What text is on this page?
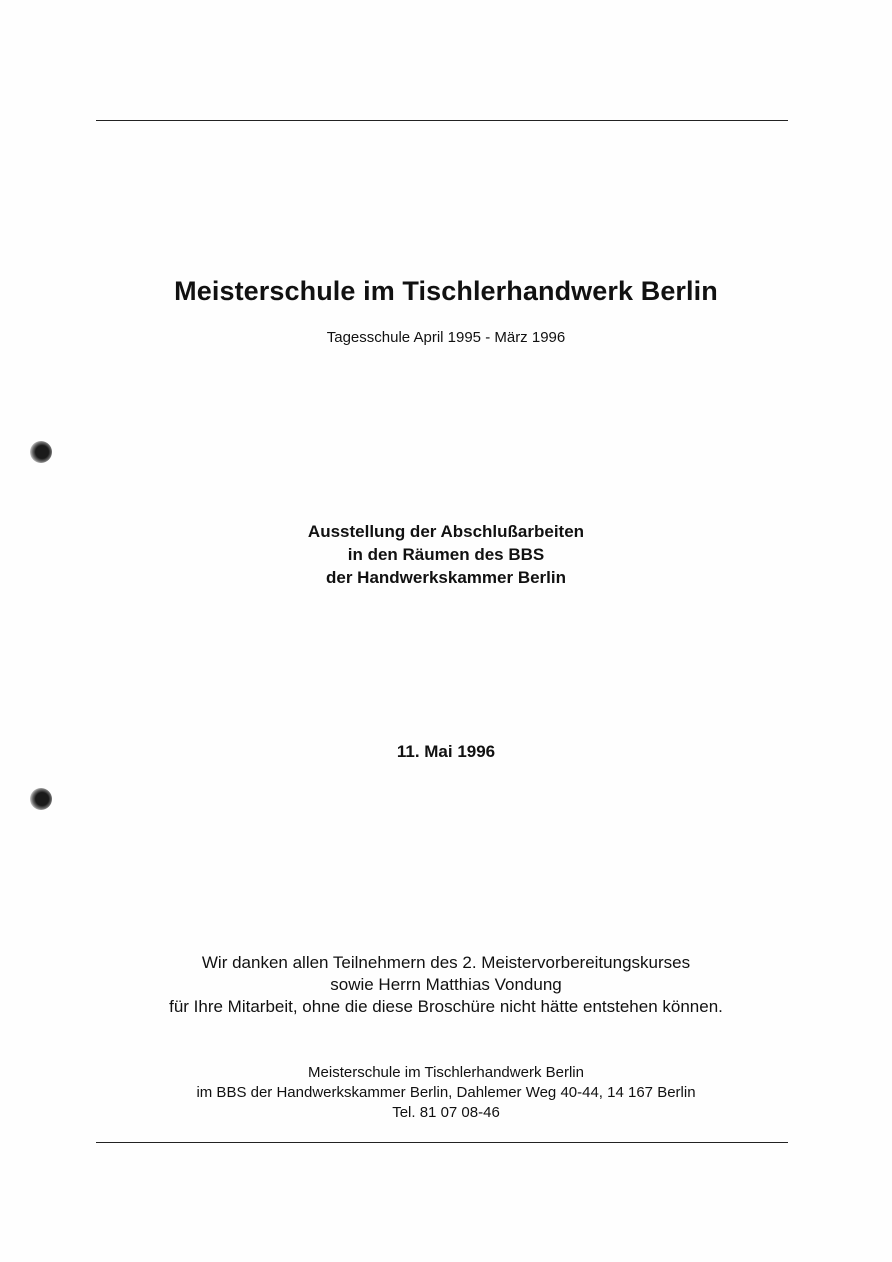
Meisterschule im Tischlerhandwerk Berlin
Tagesschule April 1995 - März 1996
Ausstellung der Abschlußarbeiten
in den Räumen des BBS
der Handwerkskammer Berlin
11. Mai 1996
Wir danken allen Teilnehmern des 2. Meistervorbereitungskurses
sowie Herrn Matthias Vondung
für Ihre Mitarbeit, ohne die diese Broschüre nicht hätte entstehen können.
Meisterschule im Tischlerhandwerk Berlin
im BBS der Handwerkskammer Berlin, Dahlemer Weg 40-44, 14 167 Berlin
Tel. 81 07 08-46
